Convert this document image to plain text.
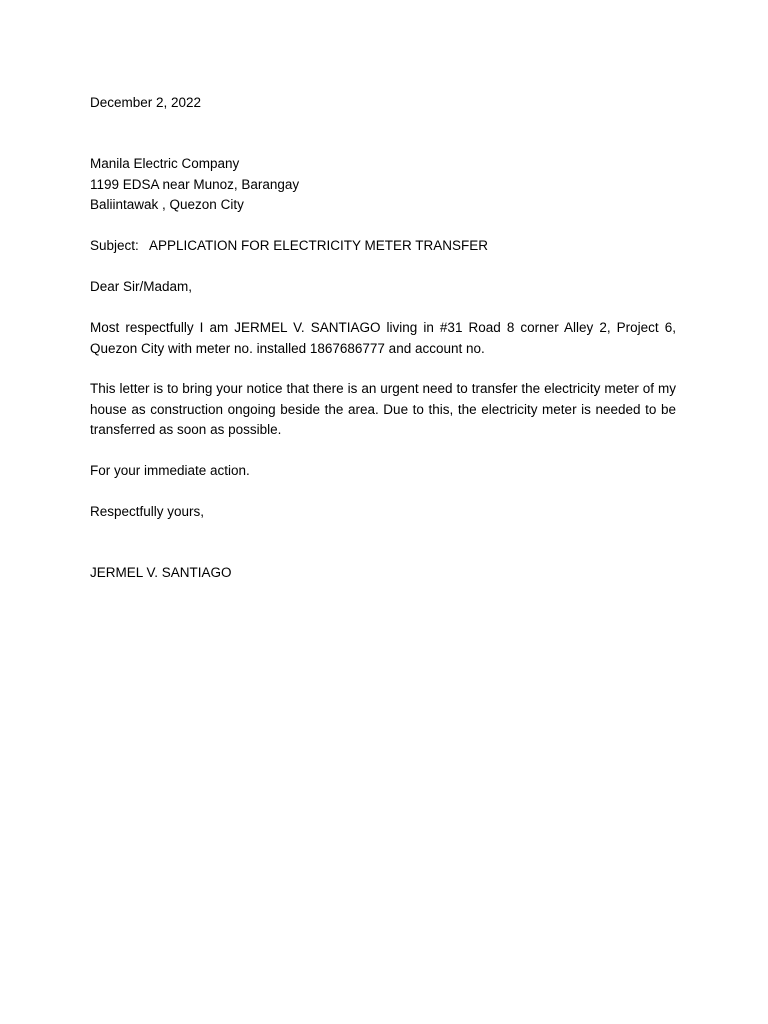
December 2, 2022
Manila Electric Company
1199 EDSA near Munoz, Barangay
Baliintawak , Quezon City
Subject: APPLICATION FOR ELECTRICITY METER TRANSFER
Dear Sir/Madam,
Most respectfully I am JERMEL V. SANTIAGO living in #31 Road 8 corner Alley 2, Project 6, Quezon City with meter no. installed 1867686777 and account no.
This letter is to bring your notice that there is an urgent need to transfer the electricity meter of my house as construction ongoing beside the area. Due to this, the electricity meter is needed to be transferred as soon as possible.
For your immediate action.
Respectfully yours,
JERMEL V. SANTIAGO
